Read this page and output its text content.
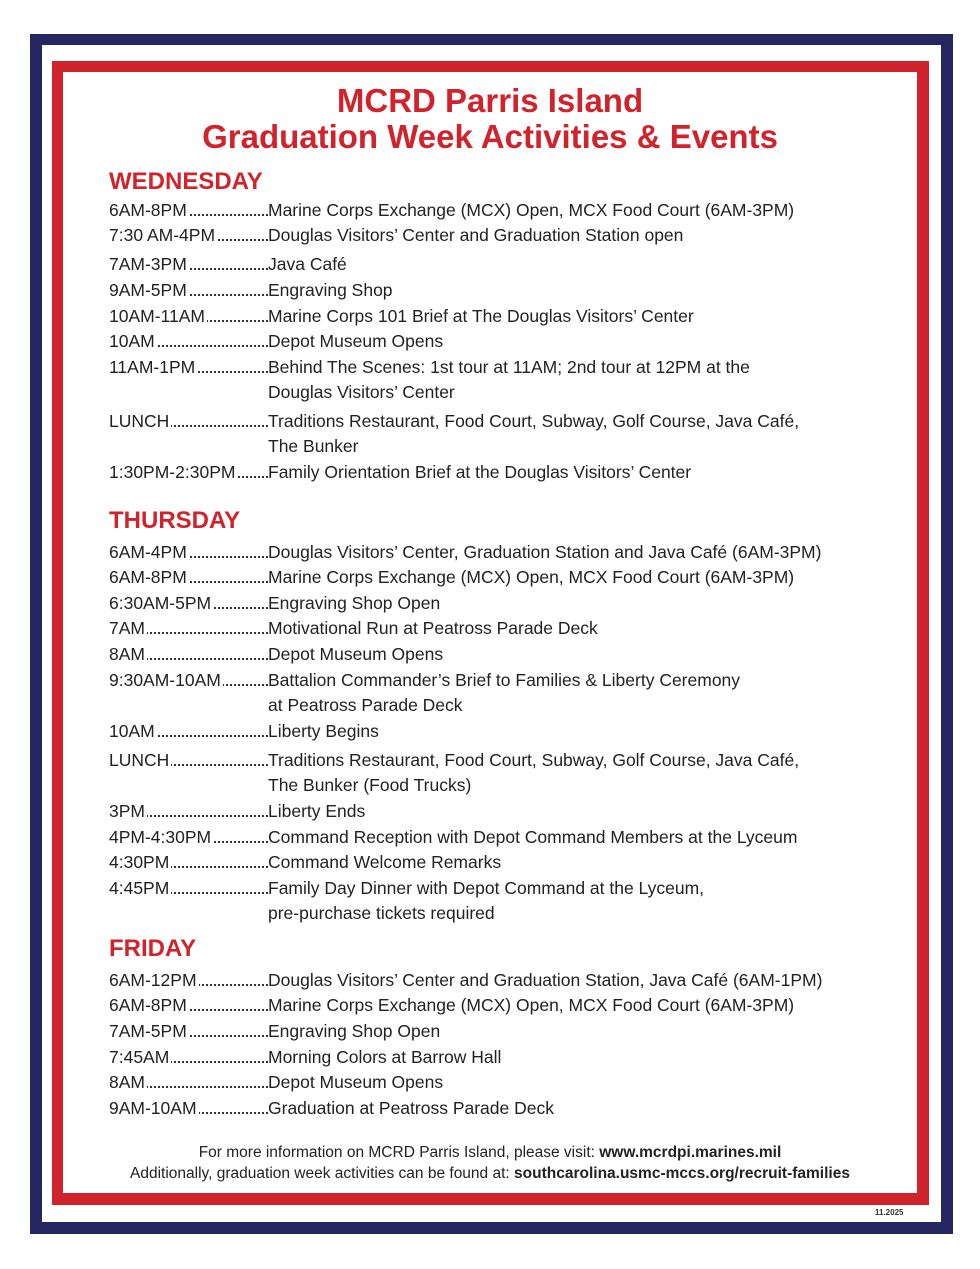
MCRD Parris Island
Graduation Week Activities & Events
WEDNESDAY
6AM-8PM	Marine Corps Exchange (MCX) Open, MCX Food Court (6AM-3PM)
7:30 AM-4PM	Douglas Visitors’ Center and Graduation Station open
7AM-3PM	Java Café
9AM-5PM	Engraving Shop
10AM-11AM	Marine Corps 101 Brief at The Douglas Visitors’ Center
10AM	Depot Museum Opens
11AM-1PM	Behind The Scenes: 1st tour at 11AM; 2nd tour at 12PM at the
Douglas Visitors’ Center
LUNCH	Traditions Restaurant, Food Court, Subway, Golf Course, Java Café,
The Bunker
1:30PM-2:30PM	Family Orientation Brief at the Douglas Visitors’ Center
THURSDAY
6AM-4PM	Douglas Visitors’ Center, Graduation Station and Java Café (6AM-3PM)
6AM-8PM	Marine Corps Exchange (MCX) Open, MCX Food Court (6AM-3PM)
6:30AM-5PM	Engraving Shop Open
7AM	Motivational Run at Peatross Parade Deck
8AM	Depot Museum Opens
9:30AM-10AM	Battalion Commander’s Brief to Families & Liberty Ceremony
at Peatross Parade Deck
10AM	Liberty Begins
LUNCH	Traditions Restaurant, Food Court, Subway, Golf Course, Java Café,
The Bunker (Food Trucks)
3PM	Liberty Ends
4PM-4:30PM	Command Reception with Depot Command Members at the Lyceum
4:30PM	Command Welcome Remarks
4:45PM	Family Day Dinner with Depot Command at the Lyceum,
pre-purchase tickets required
FRIDAY
6AM-12PM	Douglas Visitors’ Center and Graduation Station, Java Café (6AM-1PM)
6AM-8PM	Marine Corps Exchange (MCX) Open, MCX Food Court (6AM-3PM)
7AM-5PM	Engraving Shop Open
7:45AM	Morning Colors at Barrow Hall
8AM	Depot Museum Opens
9AM-10AM	Graduation at Peatross Parade Deck
For more information on MCRD Parris Island, please visit: www.mcrdpi.marines.mil
Additionally, graduation week activities can be found at: southcarolina.usmc-mccs.org/recruit-families
11.2025
